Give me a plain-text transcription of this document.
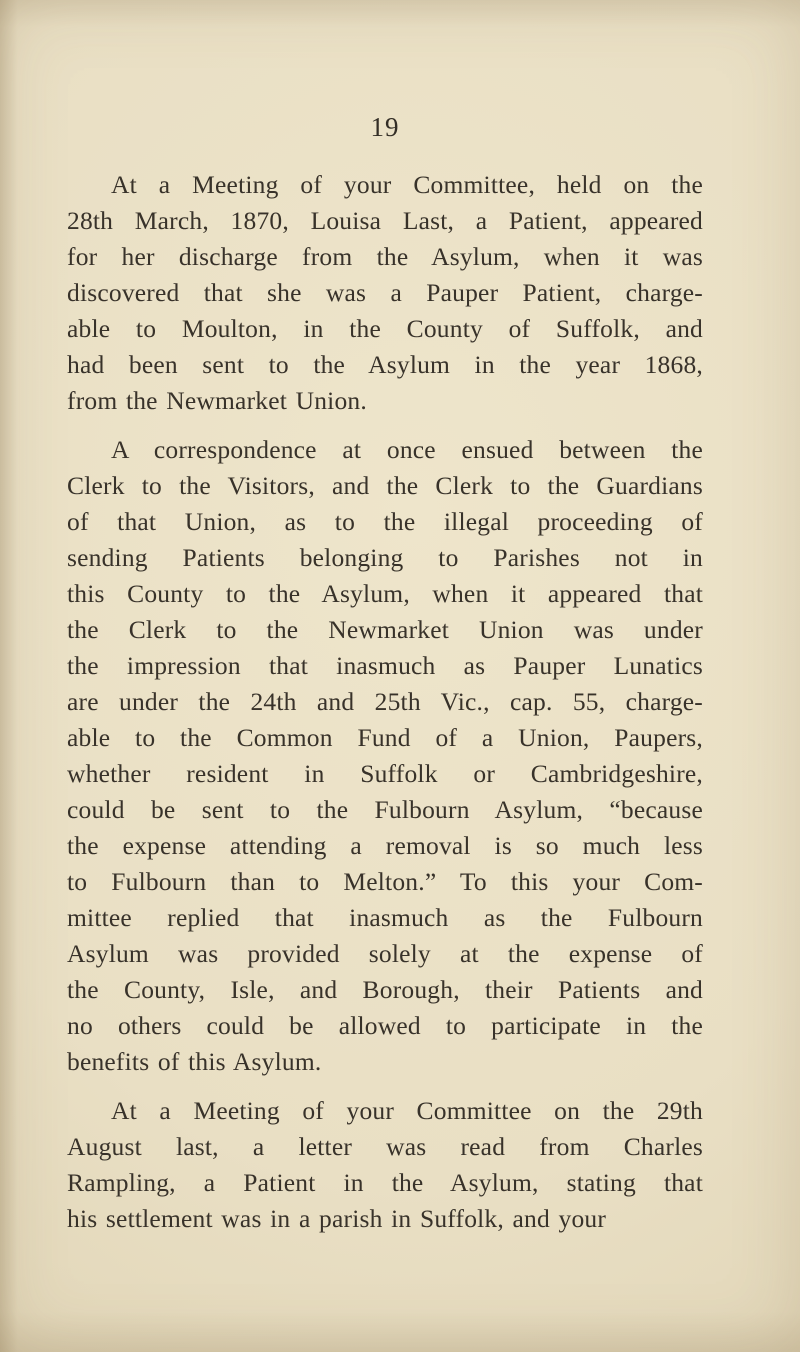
19
At a Meeting of your Committee, held on the
28th March, 1870, Louisa Last, a Patient, appeared
for her discharge from the Asylum, when it was
discovered that she was a Pauper Patient, charge-
able to Moulton, in the County of Suffolk, and
had been sent to the Asylum in the year 1868,
from the Newmarket Union.
A correspondence at once ensued between the
Clerk to the Visitors, and the Clerk to the Guardians
of that Union, as to the illegal proceeding of
sending Patients belonging to Parishes not in
this County to the Asylum, when it appeared that
the Clerk to the Newmarket Union was under
the impression that inasmuch as Pauper Lunatics
are under the 24th and 25th Vic., cap. 55, charge-
able to the Common Fund of a Union, Paupers,
whether resident in Suffolk or Cambridgeshire,
could be sent to the Fulbourn Asylum, “because
the expense attending a removal is so much less
to Fulbourn than to Melton.” To this your Com-
mittee replied that inasmuch as the Fulbourn
Asylum was provided solely at the expense of
the County, Isle, and Borough, their Patients and
no others could be allowed to participate in the
benefits of this Asylum.
At a Meeting of your Committee on the 29th
August last, a letter was read from Charles
Rampling, a Patient in the Asylum, stating that
his settlement was in a parish in Suffolk, and your
